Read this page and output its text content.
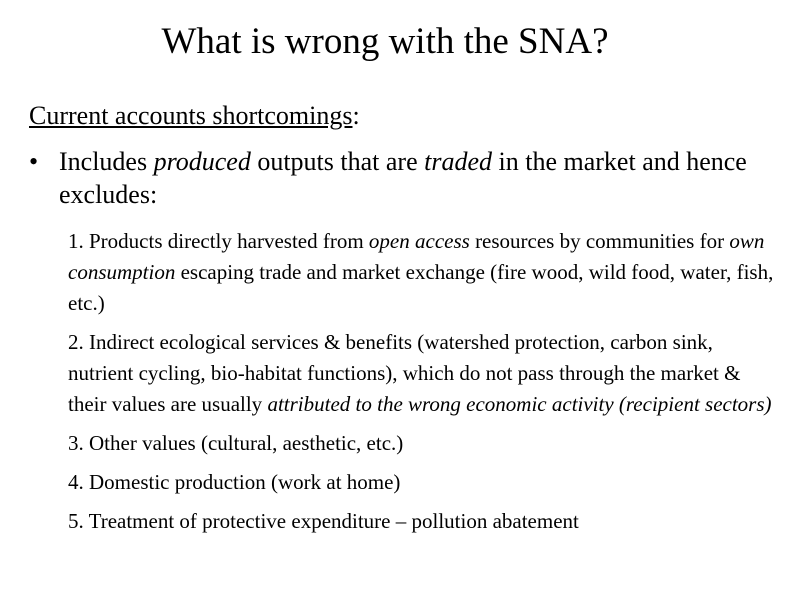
What is wrong with the SNA?
Current accounts shortcomings:
• Includes produced outputs that are traded in the market and hence excludes:
1. Products directly harvested from open access resources by communities for own consumption escaping trade and market exchange (fire wood, wild food, water, fish, etc.)
2. Indirect ecological services & benefits (watershed protection, carbon sink, nutrient cycling, bio-habitat functions), which do not pass through the market & their values are usually attributed to the wrong economic activity (recipient sectors)
3. Other values (cultural, aesthetic, etc.)
4. Domestic production (work at home)
5. Treatment of protective expenditure – pollution abatement
